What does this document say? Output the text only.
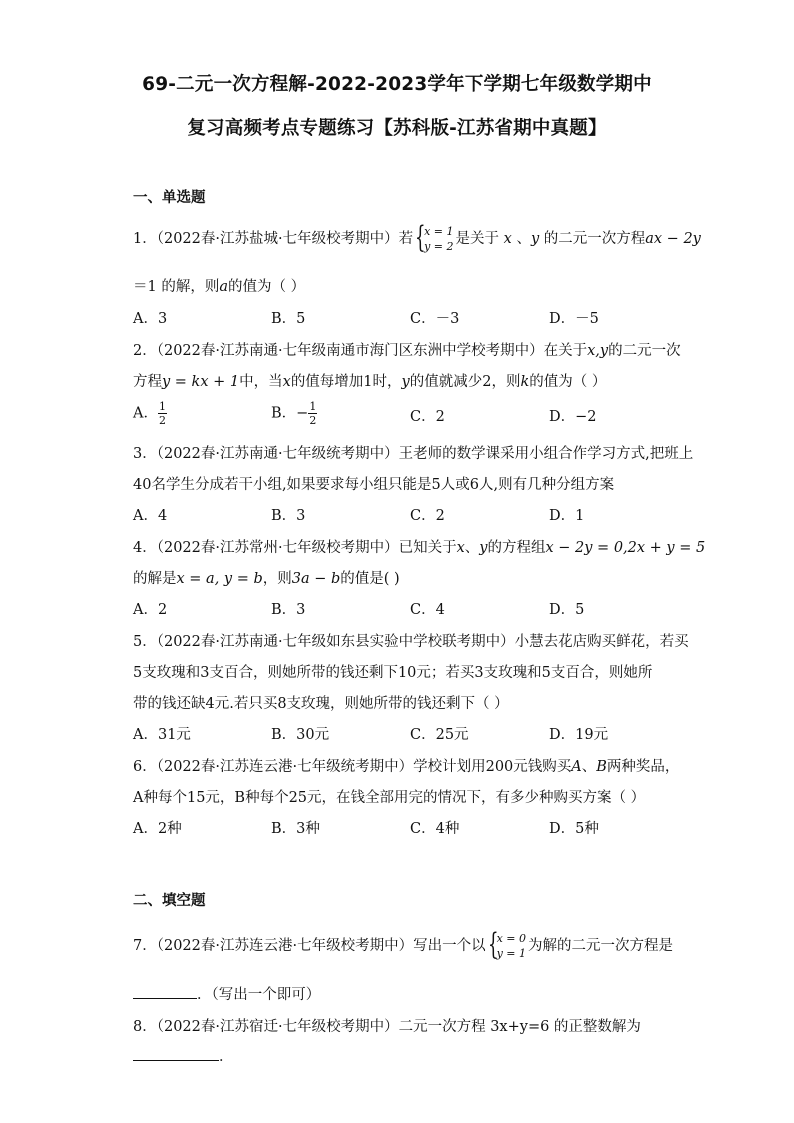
69-二元一次方程解-2022-2023学年下学期七年级数学期中
复习高频考点专题练习【苏科版-江苏省期中真题】
一、单选题
1．（2022春·江苏盐城·七年级校考期中）若 {
x = 1
y = 2 是关于 x 、y 的二元一次方程ax − 2y
＝1 的解，则a的值为（ ）
A．3	B．5	C．－3	D．－5
2．（2022春·江苏南通·七年级南通市海门区东洲中学校考期中）在关于x,y的二元一次
方程y = kx + 1中，当x的值每增加1时，y的值就减少2，则k的值为（ ）
A． $\frac{1}{2}$	B．− $\frac{1}{2}$	C．2	D．−2
3．（2022春·江苏南通·七年级统考期中）王老师的数学课采用小组合作学习方式,把班上
40名学生分成若干小组,如果要求每小组只能是5人或6人,则有几种分组方案
A．4	B．3	C．2	D．1
4．（2022春·江苏常州·七年级校考期中）已知关于x、y的方程组x − 2y = 0,2x + y = 5
的解是x = a, y = b，则3a − b的值是( )
A．2	B．3	C．4	D．5
5．（2022春·江苏南通·七年级如东县实验中学校联考期中）小慧去花店购买鲜花，若买
5支玫瑰和3支百合，则她所带的钱还剩下10元；若买3支玫瑰和5支百合，则她所
带的钱还缺4元.若只买8支玫瑰，则她所带的钱还剩下（ ）
A．31元	B．30元	C．25元	D．19元
6．（2022春·江苏连云港·七年级统考期中）学校计划用200元钱购买A、B两种奖品，
A种每个15元，B种每个25元，在钱全部用完的情况下，有多少种购买方案（ ）
A．2种	B．3种	C．4种	D．5种
二、填空题
7．（2022春·江苏连云港·七年级校考期中）写出一个以 {
x = 0
y = 1 为解的二元一次方程是
．（写出一个即可）
8．（2022春·江苏宿迁·七年级校考期中）二元一次方程 3x+y=6 的正整数解为
．
